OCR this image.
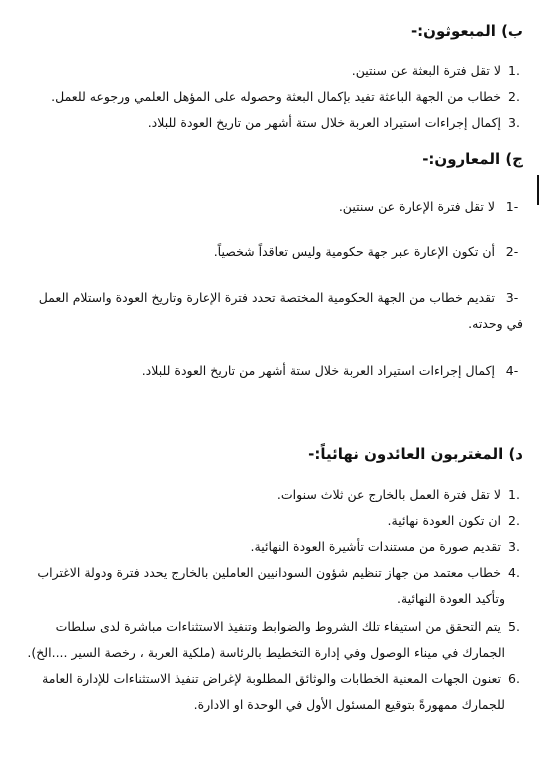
ب) المبعوثون:-

1.لا تقل فترة البعثة عن سنتين.

2.خطاب من الجهة الباعثة تفيد بإكمال البعثة وحصوله على المؤهل العلمي ورجوعه للعمل.

3.إكمال إجراءات استيراد العربة خلال ستة أشهر من تاريخ العودة للبلاد.

ج) المعارون:-

1-لا تقل فترة الإعارة عن سنتين.

2-أن تكون الإعارة عبر جهة حكومية وليس تعاقداً شخصياً.

3-تقديم خطاب من الجهة الحكومية المختصة تحدد فترة الإعارة وتاريخ العودة واستلام العمل

في وحدته.

4-إكمال إجراءات استيراد العربة خلال ستة أشهر من تاريخ العودة للبلاد.

د) المغتربون العائدون نهائياً:-

1.لا تقل فترة العمل بالخارج عن ثلاث سنوات.

2.ان تكون العودة نهائية.

3.تقديم صورة من مستندات تأشيرة العودة النهائية.

4.خطاب معتمد من جهاز تنظيم شؤون السودانيين العاملين بالخارج يحدد فترة ودولة الاغتراب

وتأكيد العودة النهائية.

5.يتم التحقق من استيفاء تلك الشروط والضوابط وتنفيذ الاستثناءات مباشرة لدى سلطات

الجمارك في ميناء الوصول وفي إدارة التخطيط بالرئاسة (ملكية العربة ، رخصة السير ....الخ).

6.تعنون الجهات المعنية الخطابات والوثائق المطلوبة لإغراض تنفيذ الاستثناءات للإدارة العامة

للجمارك ممهورةً بتوقيع المسئول الأول في الوحدة او الادارة.
